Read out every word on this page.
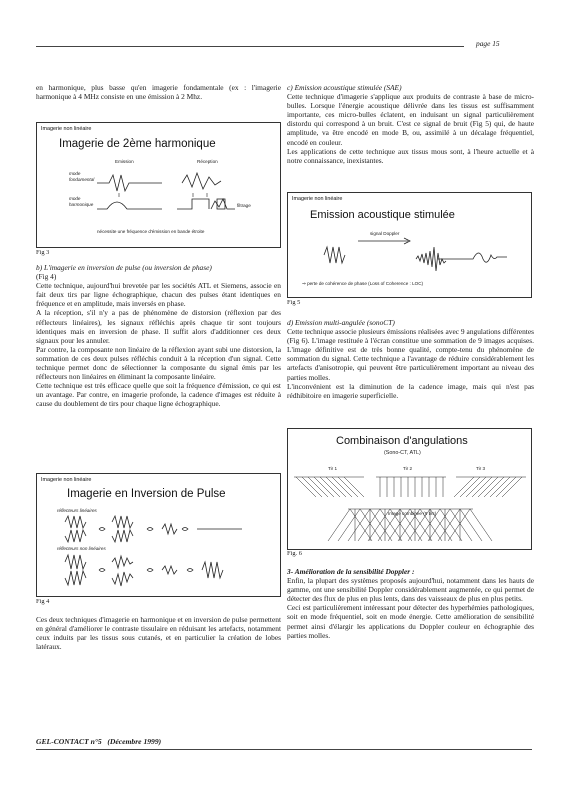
page 15

en harmonique, plus basse qu'en imagerie fondamentale (ex : l'imagerie harmonique à 4 MHz consiste en une émission à 2 Mhz.

Imagerie non linéaire
Imagerie de 2ème harmonique
Emission	Réception
mode
fondamental
mode
harmonique	filtrage
nécessite une fréquence d'émission en bande étroite
Fig 3

b) L'imagerie en inversion de pulse (ou inversion de phase)

(Fig 4)

Cette technique, aujourd'hui brevetée par les sociétés ATL et Siemens, associe en fait deux tirs par ligne échographique, chacun des pulses étant identiques en fréquence et en amplitude, mais inversés en phase.

A la réception, s'il n'y a pas de phénomène de distorsion (réflexion par des réflecteurs linéaires), les signaux réfléchis après chaque tir sont toujours identiques mais en inversion de phase. Il suffit alors d'additionner ces deux signaux pour les annuler.

Par contre, la composante non linéaire de la réflexion ayant subi une distorsion, la sommation de ces deux pulses réfléchis conduit à la réception d'un signal. Cette technique permet donc de sélectionner la composante du signal émis par les réflecteurs non linéaires en éliminant la composante linéaire.

Cette technique est très efficace quelle que soit la fréquence d'émission, ce qui est un avantage. Par contre, en imagerie profonde, la cadence d'images est réduite à cause du doublement de tirs pour chaque ligne échographique.

Imagerie non linéaire
Imagerie en Inversion de Pulse
réflecteurs linéaires
réflecteurs non linéaires
Fig 4

Ces deux techniques d'imagerie en harmonique et en inversion de pulse permettent en général d'améliorer le contraste tissulaire en réduisant les artefacts, notamment ceux induits par les tissus sous cutanés, et en particulier la création de lobes latéraux.

c) Emission acoustique stimulée (SAE)

Cette technique d'imagerie s'applique aux produits de contraste à base de micro-bulles. Lorsque l'énergie acoustique délivrée dans les tissus est suffisamment importante, ces micro-bulles éclatent, en induisant un signal particulièrement distordu qui correspond à un bruit. C'est ce signal de bruit (Fig 5) qui, de haute amplitude, va être encodé en mode B, ou, assimilé à un décalage fréquentiel, encodé en couleur.

Les applications de cette technique aux tissus mous sont, à l'heure actuelle et à notre connaissance, inexistantes.

Imagerie non linéaire
Emission acoustique stimulée
signal Doppler
⇒ perte de cohérence de phase (Loss of Coherence : LOC)
Fig 5

d) Emission multi-angulée (sonoCT)

Cette technique associe plusieurs émissions réalisées avec 9 angulations différentes (Fig 6). L'image restituée à l'écran constitue une sommation de 9 images acquises. L'image définitive est de très bonne qualité, compte-tenu du phénomène de sommation du signal. Cette technique a l'avantage de réduire considérablement les artefacts d'anisotropie, qui peuvent être particulièrement important au niveau des parties molles.

L'inconvénient est la diminution de la cadence image, mais qui n'est pas rédhibitoire en imagerie superficielle.

Combinaison d'angulations
(Sono-CT, ATL)
Tir 1	Tir 2	Tir 3
Image combinée (9 tirs)
Fig. 6

3- Amélioration de la sensibilité Doppler :

Enfin, la plupart des systèmes proposés aujourd'hui, notamment dans les hauts de gamme, ont une sensibilité Doppler considérablement augmentée, ce qui permet de détecter des flux de plus en plus lents, dans des vaisseaux de plus en plus petits.

Ceci est particulièrement intéressant pour détecter des hyperhémies pathologiques, soit en mode fréquentiel, soit en mode énergie. Cette amélioration de sensibilité permet ainsi d'élargir les applications du Doppler couleur en échographie des parties molles.

GEL-CONTACT n°5   (Décembre 1999)
